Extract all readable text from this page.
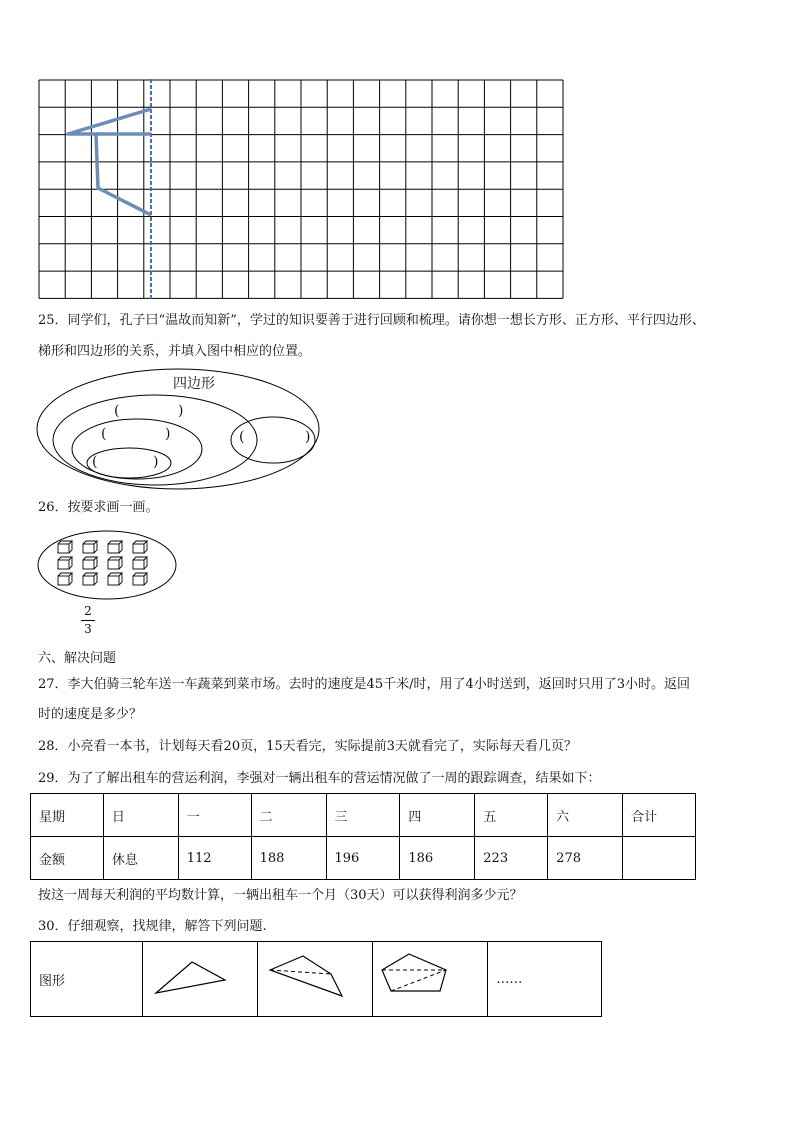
25．同学们，孔子曰“温故而知新”，学过的知识要善于进行回顾和梳理。请你想一想长方形、正方形、平行四边形、
梯形和四边形的关系，并填入图中相应的位置。
四边形
(	)
(	)
(	)
(	)
26．按要求画一画。
2
3
六、解决问题
27．李大伯骑三轮车送一车蔬菜到菜市场。去时的速度是45千米/时，用了4小时送到，返回时只用了3小时。返回
时的速度是多少？
28．小亮看一本书，计划每天看20页，15天看完，实际提前3天就看完了，实际每天看几页？
29．为了了解出租车的营运利润，李强对一辆出租车的营运情况做了一周的跟踪调查，结果如下：
星期	日	一	二	三	四	五	六	合计
金额	休息	112	188	196	186	223	278	
按这一周每天利润的平均数计算，一辆出租车一个月（30天）可以获得利润多少元？
30．仔细观察，找规律，解答下列问题.
图形				……
